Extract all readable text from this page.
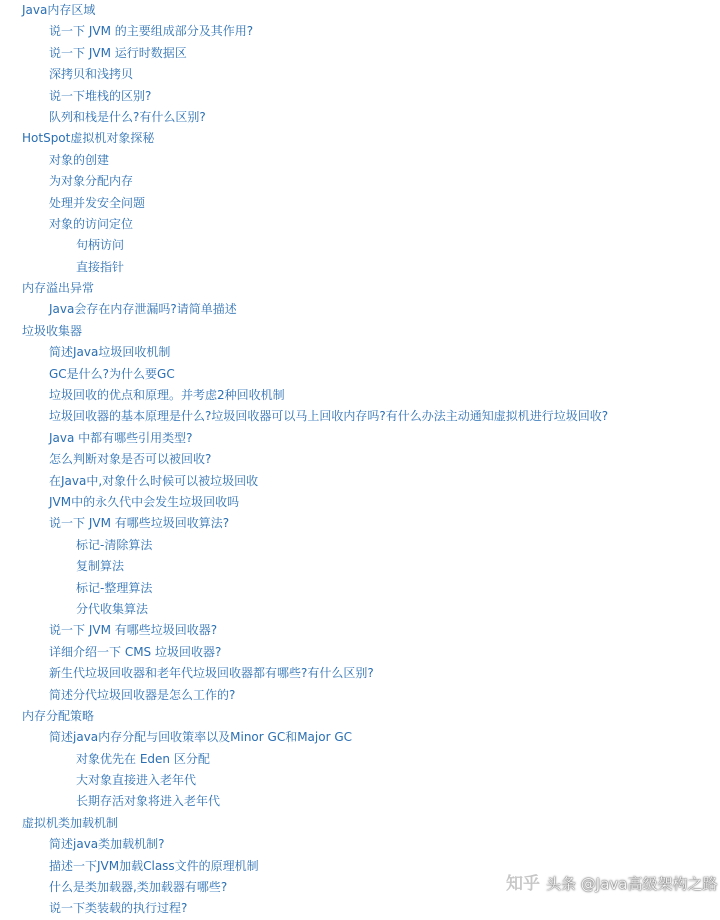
Java内存区域
说一下 JVM 的主要组成部分及其作用?
说一下 JVM 运行时数据区
深拷贝和浅拷贝
说一下堆栈的区别?
队列和栈是什么?有什么区别?
HotSpot虚拟机对象探秘
对象的创建
为对象分配内存
处理并发安全问题
对象的访问定位
句柄访问
直接指针
内存溢出异常
Java会存在内存泄漏吗?请简单描述
垃圾收集器
简述Java垃圾回收机制
GC是什么?为什么要GC
垃圾回收的优点和原理。并考虑2种回收机制
垃圾回收器的基本原理是什么?垃圾回收器可以马上回收内存吗?有什么办法主动通知虚拟机进行垃圾回收?
Java 中都有哪些引用类型?
怎么判断对象是否可以被回收?
在Java中,对象什么时候可以被垃圾回收
JVM中的永久代中会发生垃圾回收吗
说一下 JVM 有哪些垃圾回收算法?
标记-清除算法
复制算法
标记-整理算法
分代收集算法
说一下 JVM 有哪些垃圾回收器?
详细介绍一下 CMS 垃圾回收器?
新生代垃圾回收器和老年代垃圾回收器都有哪些?有什么区别?
简述分代垃圾回收器是怎么工作的?
内存分配策略
简述java内存分配与回收策率以及Minor GC和Major GC
对象优先在 Eden 区分配
大对象直接进入老年代
长期存活对象将进入老年代
虚拟机类加载机制
简述java类加载机制?
描述一下JVM加载Class文件的原理机制
什么是类加载器,类加载器有哪些?
说一下类装载的执行过程?
知乎 头条 @Java高级架构之路
